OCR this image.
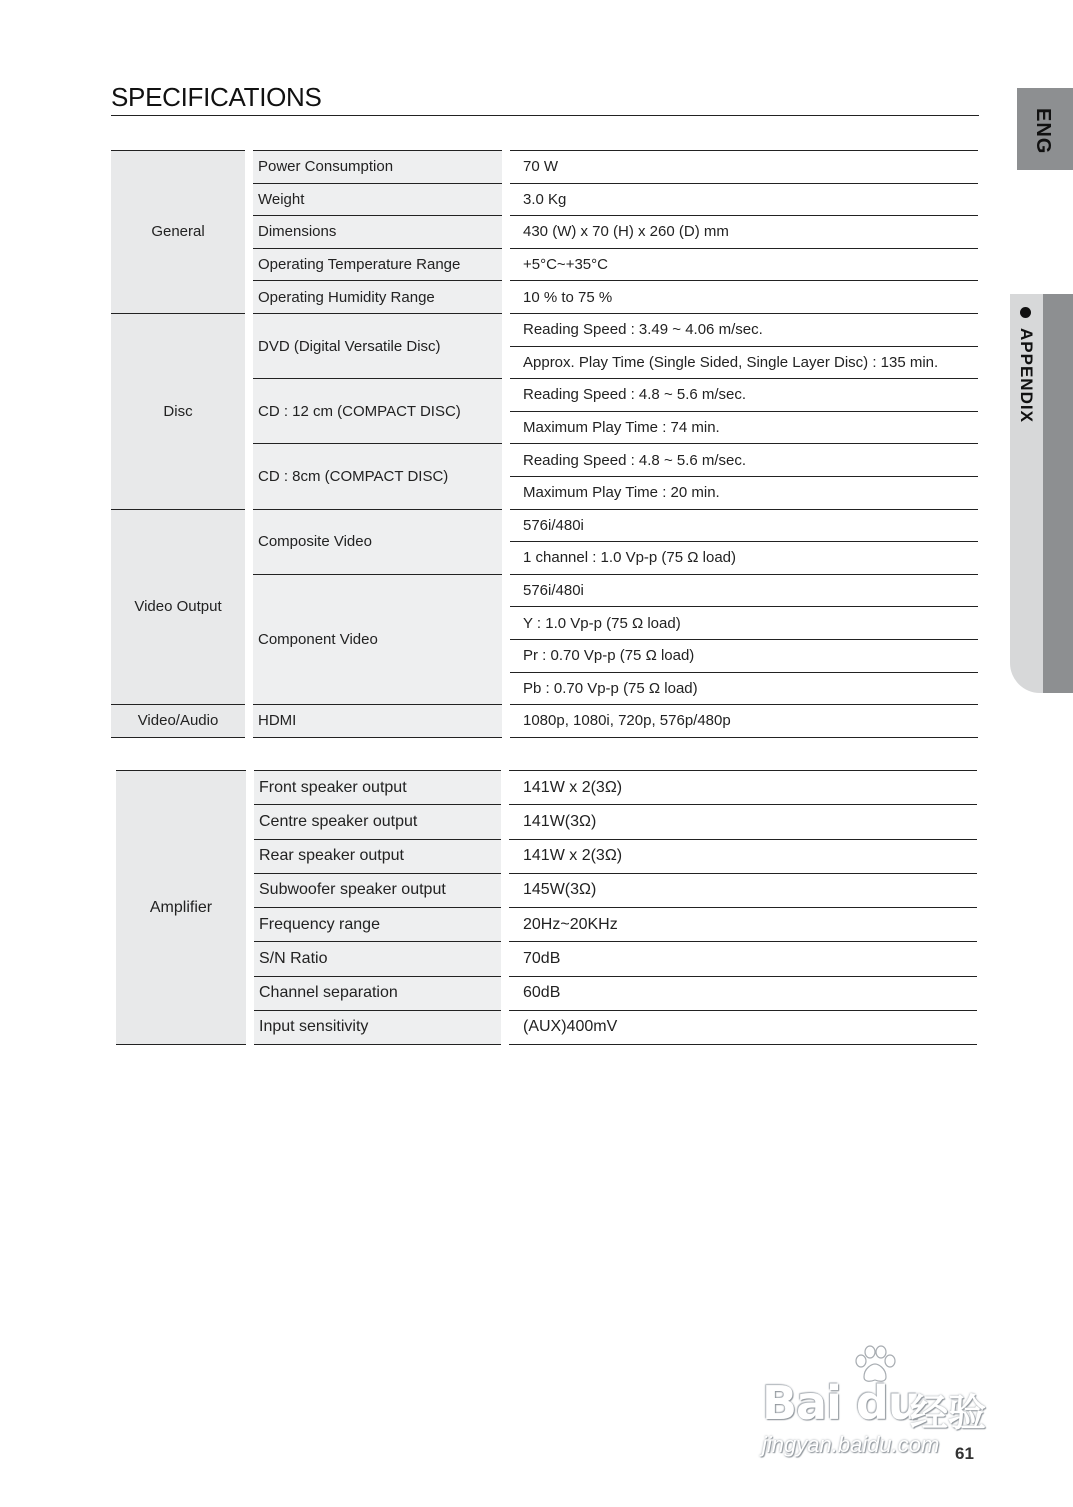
SPECIFICATIONS
ENG
APPENDIX
General		Power Consumption		70 W
		Weight		3.0 Kg
		Dimensions		430 (W) x 70 (H) x 260 (D) mm
		Operating Temperature Range		+5°C~+35°C
		Operating Humidity Range		10 % to 75 %
Disc		DVD (Digital Versatile Disc)		Reading Speed : 3.49 ~ 4.06 m/sec.
				Approx. Play Time (Single Sided, Single Layer Disc) : 135 min.
		CD : 12 cm (COMPACT DISC)		Reading Speed : 4.8 ~ 5.6 m/sec.
				Maximum Play Time : 74 min.
		CD : 8cm (COMPACT DISC)		Reading Speed : 4.8 ~ 5.6 m/sec.
				Maximum Play Time : 20 min.
Video Output		Composite Video		576i/480i
				1 channel : 1.0 Vp-p (75 Ω load)
		Component Video		576i/480i
				Y : 1.0 Vp-p (75 Ω load)
				Pr : 0.70 Vp-p (75 Ω load)
				Pb : 0.70 Vp-p (75 Ω load)
Video/Audio		HDMI		1080p, 1080i, 720p, 576p/480p
Amplifier		Front speaker output		141W x 2(3Ω)
		Centre speaker output		141W(3Ω)
		Rear speaker output		141W x 2(3Ω)
		Subwoofer speaker output		145W(3Ω)
		Frequency range		20Hz~20KHz
		S/N Ratio		70dB
		Channel separation		60dB
		Input sensitivity		(AUX)400mV
61
Bai du
经验
jingyan.baidu.com
